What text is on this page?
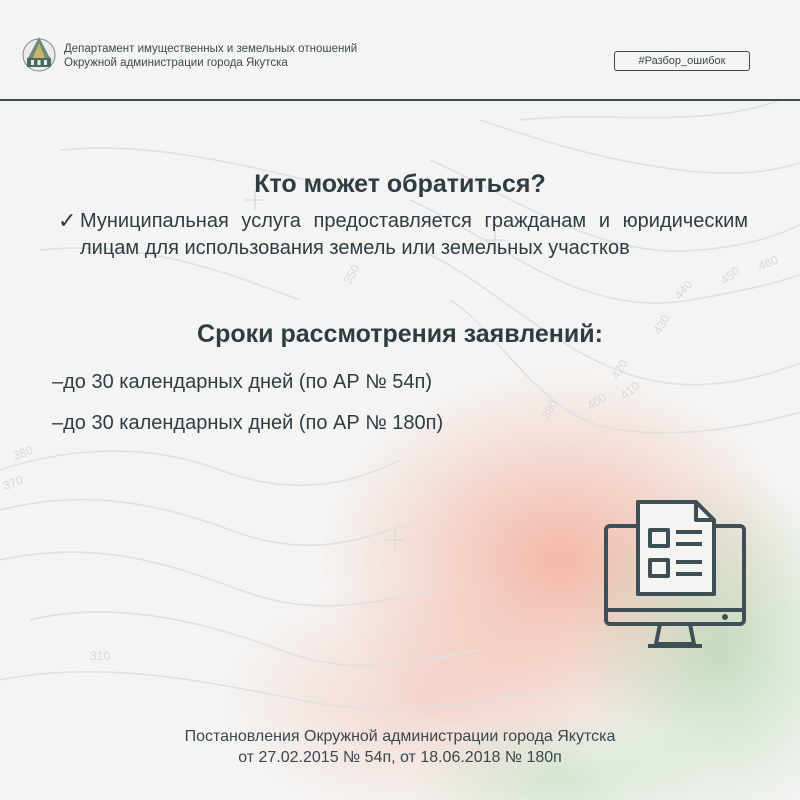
460
450
440
430
420
410
400
390
380
370
310
350
Департамент имущественных и земельных отношений
Окружной администрации города Якутска	#Разбор_ошибок
Кто может обратиться?
✓ Муниципальная услуга предоставляется гражданам и юридическим лицам для использования земель или земельных участков
Сроки рассмотрения заявлений:
–до 30 календарных дней (по АР № 54п)
–до 30 календарных дней (по АР № 180п)
Постановления Окружной администрации города Якутска
от 27.02.2015 № 54п, от 18.06.2018 № 180п
